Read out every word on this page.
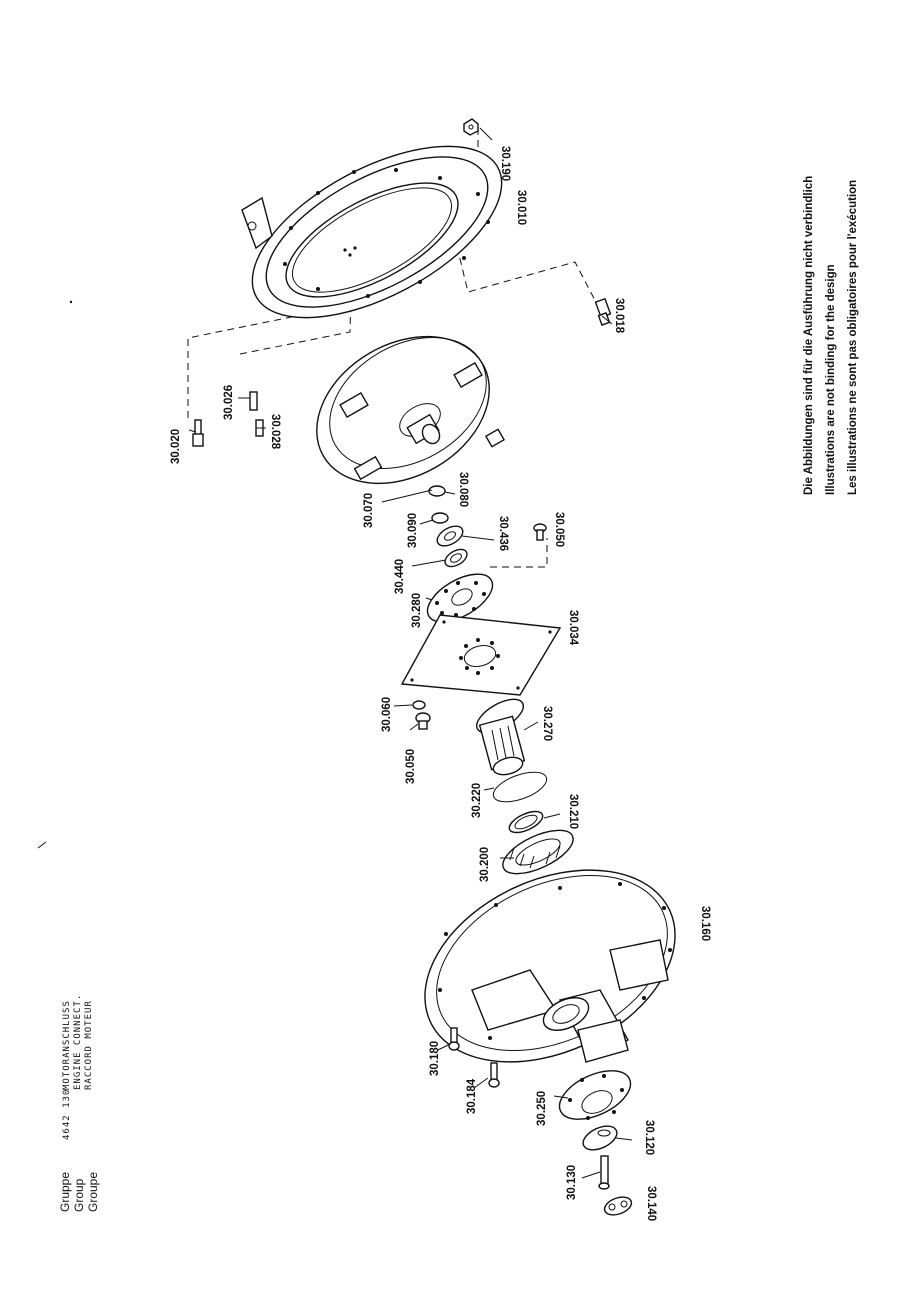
Gruppe Group Groupe
4642 130
MOTORANSCHLUSS ENGINE CONNECT. RACCORD MOTEUR
Die Abbildungen sind für die Ausführung nicht verbindlich Illustrations are not binding for the design Les illustrations ne sont pas obligatoires pour l'exécution
30.190
30.010
30.018
30.020
30.026
30.028
30.070
30.080
30.090	30.436	30.050
30.440
30.280	30.034
30.060
30.050
30.270
30.220	30.210
30.200
30.160
30.180
30.184	30.250
30.120
30.130
30.140
